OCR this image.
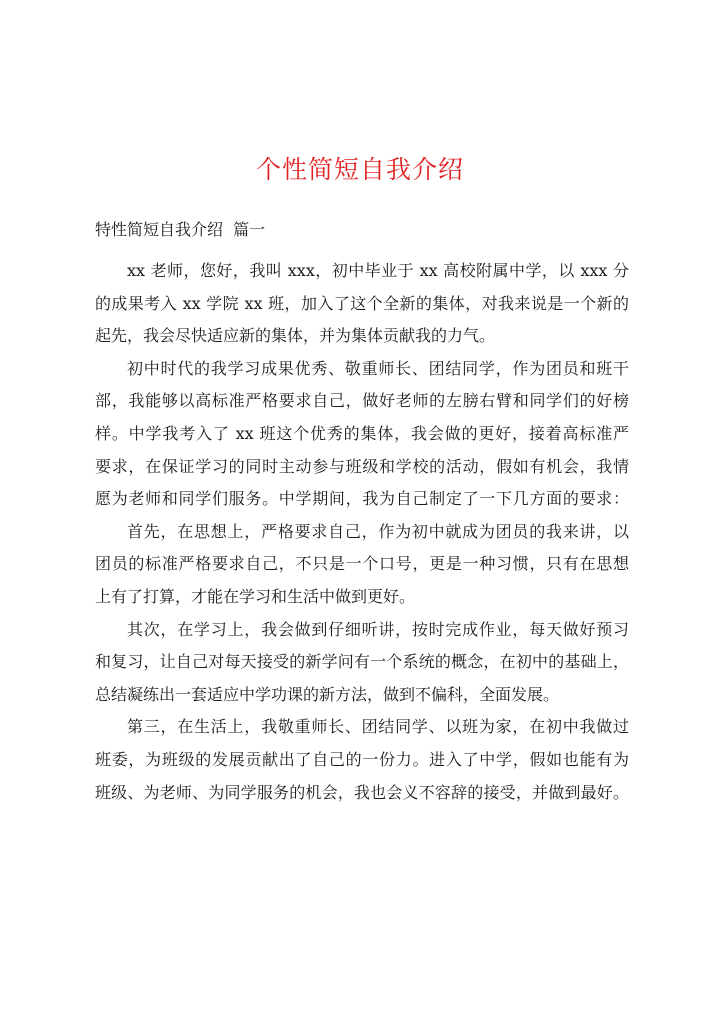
个性简短自我介绍
特性简短自我介绍  篇一
xx 老师，您好，我叫 xxx，初中毕业于 xx 高校附属中学，以 xxx 分
的成果考入 xx 学院 xx 班，加入了这个全新的集体，对我来说是一个新的
起先，我会尽快适应新的集体，并为集体贡献我的力气。
初中时代的我学习成果优秀、敬重师长、团结同学，作为团员和班干
部，我能够以高标准严格要求自己，做好老师的左膀右臂和同学们的好榜
样。中学我考入了 xx 班这个优秀的集体，我会做的更好，接着高标准严
要求，在保证学习的同时主动参与班级和学校的活动，假如有机会，我情
愿为老师和同学们服务。中学期间，我为自己制定了一下几方面的要求：
首先，在思想上，严格要求自己，作为初中就成为团员的我来讲，以
团员的标准严格要求自己，不只是一个口号，更是一种习惯，只有在思想
上有了打算，才能在学习和生活中做到更好。
其次，在学习上，我会做到仔细听讲，按时完成作业，每天做好预习
和复习，让自己对每天接受的新学问有一个系统的概念，在初中的基础上，
总结凝练出一套适应中学功课的新方法，做到不偏科，全面发展。
第三，在生活上，我敬重师长、团结同学、以班为家，在初中我做过
班委，为班级的发展贡献出了自己的一份力。进入了中学，假如也能有为
班级、为老师、为同学服务的机会，我也会义不容辞的接受，并做到最好。
